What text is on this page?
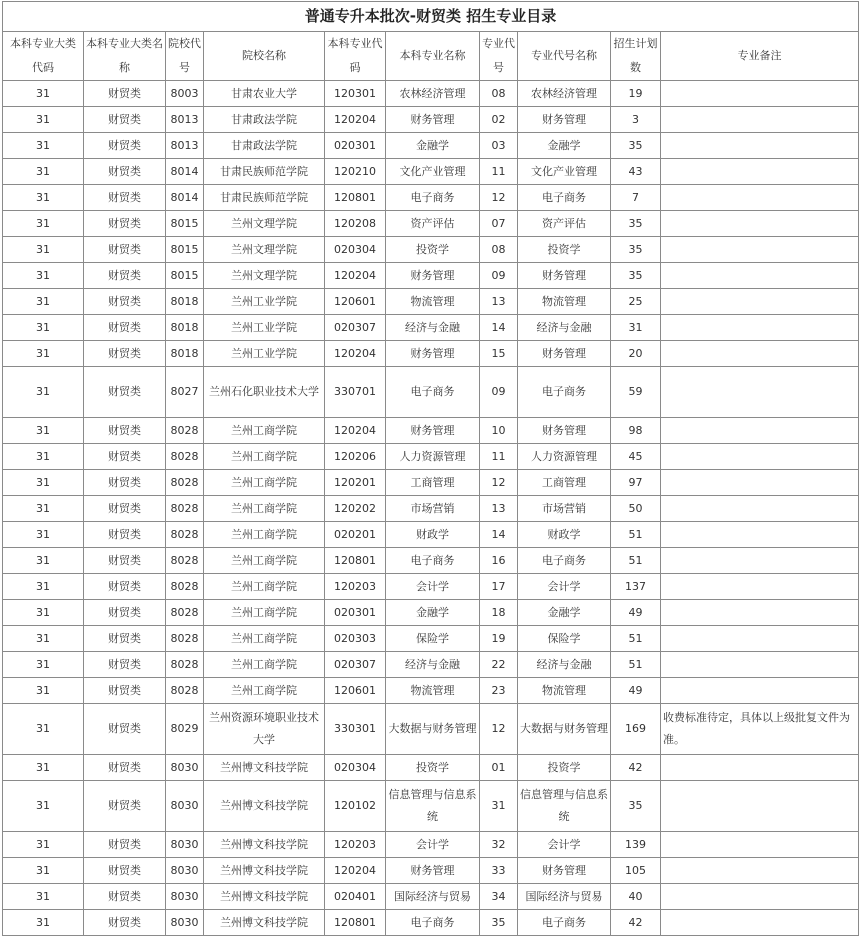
普通专升本批次-财贸类 招生专业目录									
本科专业大类代码	本科专业大类名称	院校代号	院校名称	本科专业代码	本科专业名称	专业代号	专业代号名称	招生计划数	专业备注
31	财贸类	8003	甘肃农业大学	120301	农林经济管理	08	农林经济管理	19	
31	财贸类	8013	甘肃政法学院	120204	财务管理	02	财务管理	3	
31	财贸类	8013	甘肃政法学院	020301	金融学	03	金融学	35	
31	财贸类	8014	甘肃民族师范学院	120210	文化产业管理	11	文化产业管理	43	
31	财贸类	8014	甘肃民族师范学院	120801	电子商务	12	电子商务	7	
31	财贸类	8015	兰州文理学院	120208	资产评估	07	资产评估	35	
31	财贸类	8015	兰州文理学院	020304	投资学	08	投资学	35	
31	财贸类	8015	兰州文理学院	120204	财务管理	09	财务管理	35	
31	财贸类	8018	兰州工业学院	120601	物流管理	13	物流管理	25	
31	财贸类	8018	兰州工业学院	020307	经济与金融	14	经济与金融	31	
31	财贸类	8018	兰州工业学院	120204	财务管理	15	财务管理	20	
31	财贸类	8027	兰州石化职业技术大学	330701	电子商务	09	电子商务	59	
31	财贸类	8028	兰州工商学院	120204	财务管理	10	财务管理	98	
31	财贸类	8028	兰州工商学院	120206	人力资源管理	11	人力资源管理	45	
31	财贸类	8028	兰州工商学院	120201	工商管理	12	工商管理	97	
31	财贸类	8028	兰州工商学院	120202	市场营销	13	市场营销	50	
31	财贸类	8028	兰州工商学院	020201	财政学	14	财政学	51	
31	财贸类	8028	兰州工商学院	120801	电子商务	16	电子商务	51	
31	财贸类	8028	兰州工商学院	120203	会计学	17	会计学	137	
31	财贸类	8028	兰州工商学院	020301	金融学	18	金融学	49	
31	财贸类	8028	兰州工商学院	020303	保险学	19	保险学	51	
31	财贸类	8028	兰州工商学院	020307	经济与金融	22	经济与金融	51	
31	财贸类	8028	兰州工商学院	120601	物流管理	23	物流管理	49	
31	财贸类	8029	兰州资源环境职业技术大学	330301	大数据与财务管理	12	大数据与财务管理	169	收费标准待定，具体以上级批复文件为准。
31	财贸类	8030	兰州博文科技学院	020304	投资学	01	投资学	42	
31	财贸类	8030	兰州博文科技学院	120102	信息管理与信息系统	31	信息管理与信息系统	35	
31	财贸类	8030	兰州博文科技学院	120203	会计学	32	会计学	139	
31	财贸类	8030	兰州博文科技学院	120204	财务管理	33	财务管理	105	
31	财贸类	8030	兰州博文科技学院	020401	国际经济与贸易	34	国际经济与贸易	40	
31	财贸类	8030	兰州博文科技学院	120801	电子商务	35	电子商务	42	
